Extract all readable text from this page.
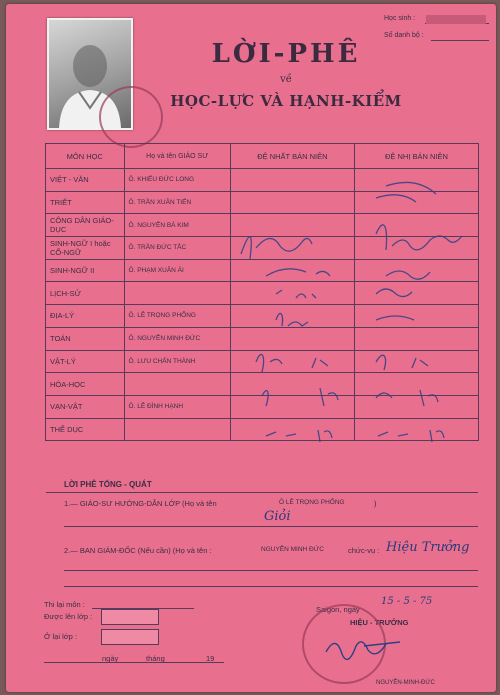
Học sinh :
Số danh bộ :
LỜI-PHÊ
về
HỌC-LỰC VÀ HẠNH-KIỂM
MÔN HỌC	Họ và tên GIÁO SƯ	ĐỆ NHẤT BÁN NIÊN	ĐỆ NHỊ BÁN NIÊN
VIỆT - VĂN	Ô. KHIẾU ĐỨC LONG		
TRIẾT	Ô. TRẦN XUÂN TIẾN		
CÔNG DÂN GIÁO-DỤC	Ô. NGUYỄN BÁ KIM		
SINH-NGỮ I hoặc CỔ-NGỮ	Ô. TRẦN ĐỨC TẮC		
SINH-NGỮ II	Ô. PHẠM XUÂN ÁI		
LỊCH-SỬ			
ĐỊA-LÝ	Ô. LÊ TRỌNG PHỔNG		
TOÁN	Ô. NGUYỄN MINH ĐỨC		
VẬT-LÝ	Ô. LƯU CHẤN THÀNH		
HÓA-HỌC			
VẠN-VẬT	Ô. LÊ ĐÌNH HẠNH		
THỂ DỤC			
LỜI PHÊ TỔNG - QUÁT
1.— GIÁO-SƯ HƯỚNG-DẪN LỚP (Họ và tên	Ô LÊ TRỌNG PHỔNG	)
Giỏi
2.— BAN GIÁM-ĐỐC (Nếu cần) (Họ và tên :	NGUYỄN MINH ĐỨC	chức-vụ : Hiệu Trưởng
Thi lại môn :
Được lên lớp :
Ở lại lớp :
ngày	tháng	19
Saigon, ngày
15 - 5 - 75
HIỆU - TRƯỞNG
NGUYỄN-MINH-ĐỨC
